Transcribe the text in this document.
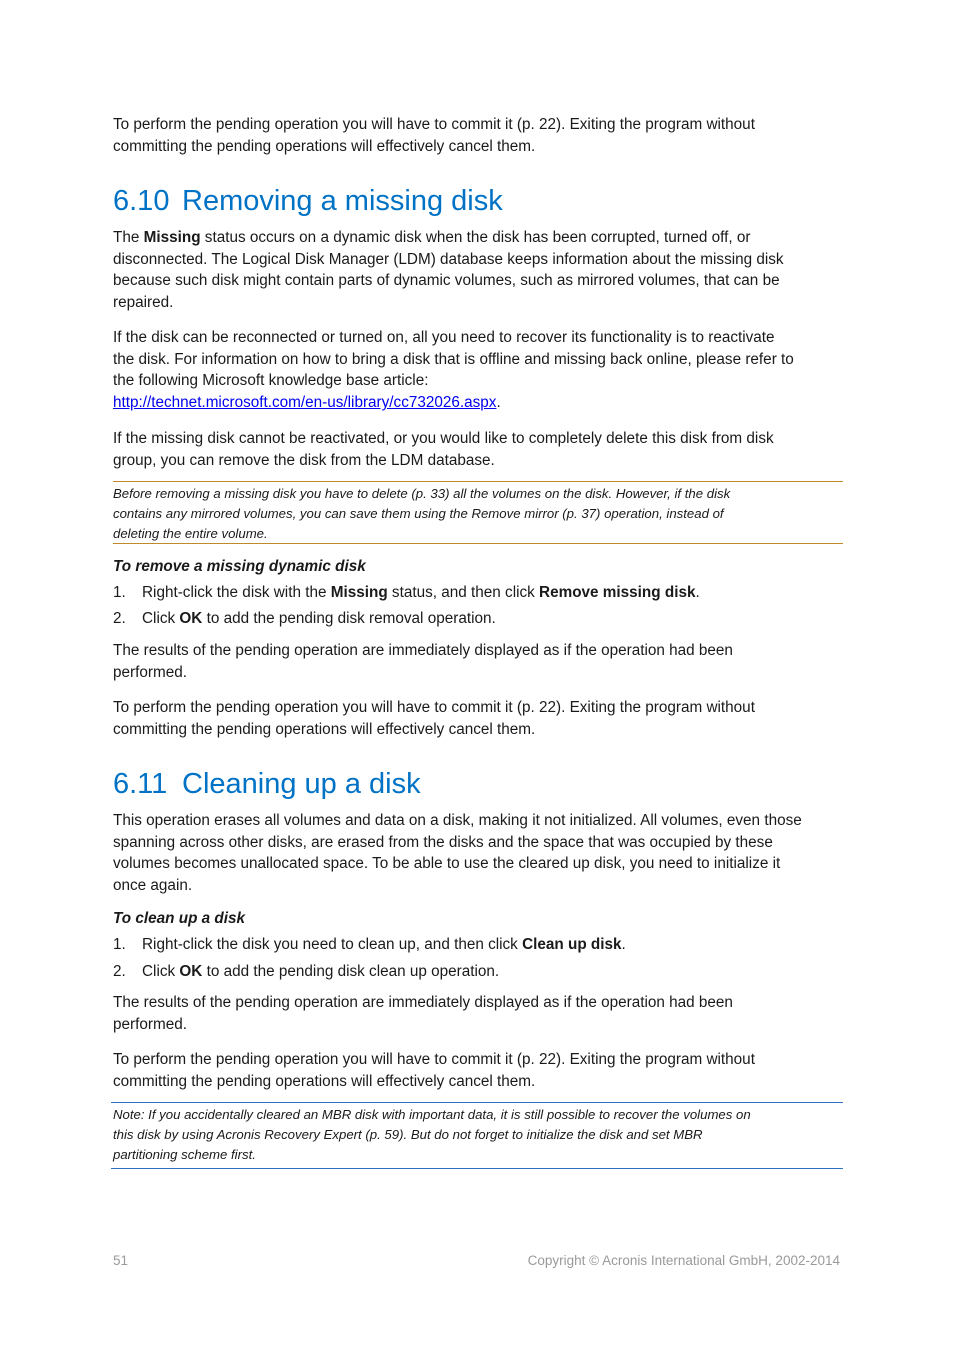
To perform the pending operation you will have to commit it (p. 22). Exiting the program without
committing the pending operations will effectively cancel them.

6.10 Removing a missing disk

The Missing status occurs on a dynamic disk when the disk has been corrupted, turned off, or
disconnected. The Logical Disk Manager (LDM) database keeps information about the missing disk
because such disk might contain parts of dynamic volumes, such as mirrored volumes, that can be
repaired.

If the disk can be reconnected or turned on, all you need to recover its functionality is to reactivate
the disk. For information on how to bring a disk that is offline and missing back online, please refer to
the following Microsoft knowledge base article:
http://technet.microsoft.com/en-us/library/cc732026.aspx.

If the missing disk cannot be reactivated, or you would like to completely delete this disk from disk
group, you can remove the disk from the LDM database.

Before removing a missing disk you have to delete (p. 33) all the volumes on the disk. However, if the disk
contains any mirrored volumes, you can save them using the Remove mirror (p. 37) operation, instead of
deleting the entire volume.
To remove a missing dynamic disk
1. Right-click the disk with the Missing status, and then click Remove missing disk.
2. Click OK to add the pending disk removal operation.

The results of the pending operation are immediately displayed as if the operation had been
performed.

To perform the pending operation you will have to commit it (p. 22). Exiting the program without
committing the pending operations will effectively cancel them.

6.11 Cleaning up a disk

This operation erases all volumes and data on a disk, making it not initialized. All volumes, even those
spanning across other disks, are erased from the disks and the space that was occupied by these
volumes becomes unallocated space. To be able to use the cleared up disk, you need to initialize it
once again.

To clean up a disk
1. Right-click the disk you need to clean up, and then click Clean up disk.
2. Click OK to add the pending disk clean up operation.

The results of the pending operation are immediately displayed as if the operation had been
performed.

To perform the pending operation you will have to commit it (p. 22). Exiting the program without
committing the pending operations will effectively cancel them.

Note: If you accidentally cleared an MBR disk with important data, it is still possible to recover the volumes on
this disk by using Acronis Recovery Expert (p. 59). But do not forget to initialize the disk and set MBR
partitioning scheme first.
51	Copyright © Acronis International GmbH, 2002-2014
